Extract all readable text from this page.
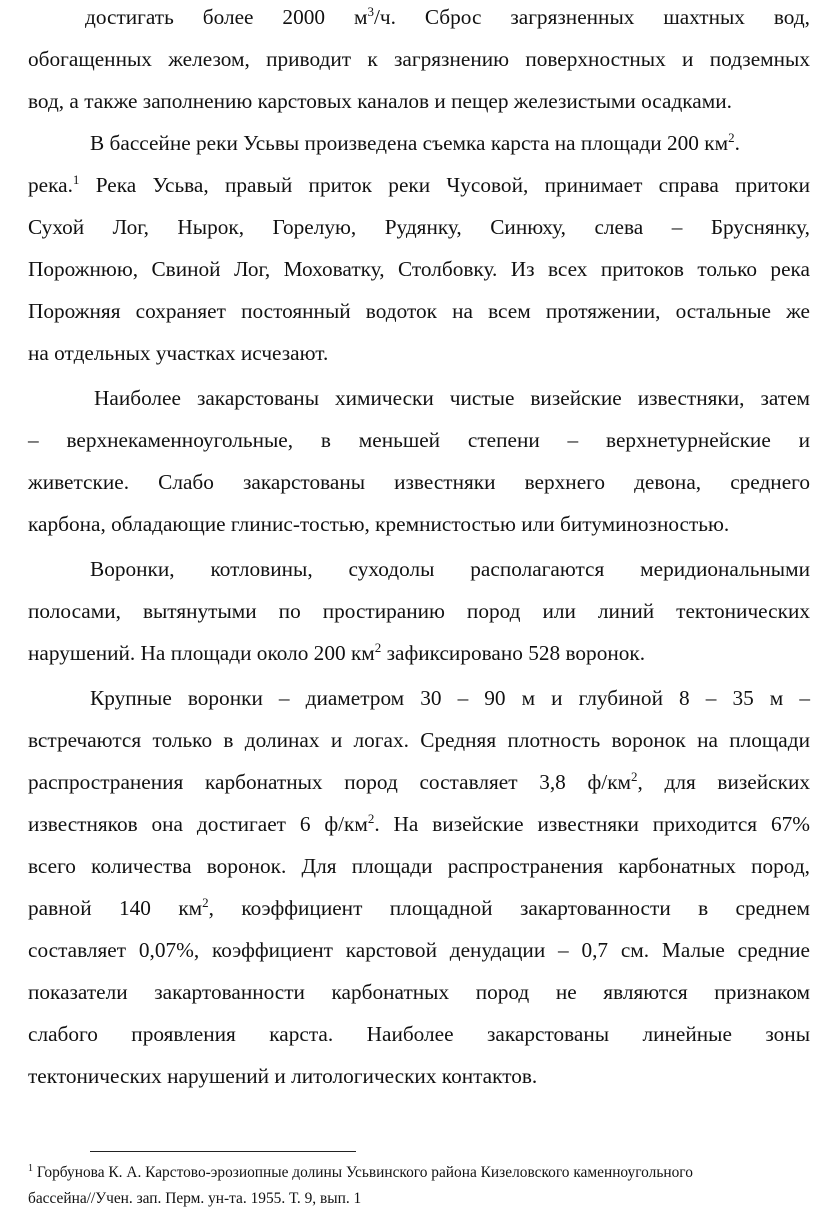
достигать более 2000 $м^3/ч$. Сброс загрязненных шахтных вод,
обогащенных железом, приводит к загрязнению поверхностных и подземных
вод, а также заполнению карстовых каналов и пещер железистыми осадками.
В бассейне реки Усьвы произведена съемка карста на площади 200 $км^2$.
река.$^1$ Река Усьва, правый приток реки Чусовой, принимает справа притоки
Сухой Лог, Нырок, Горелую, Рудянку, Синюху, слева – Бруснянку,
Порожнюю, Свиной Лог, Моховатку, Столбовку. Из всех притоков только река
Порожняя сохраняет постоянный водоток на всем протяжении, остальные же
на отдельных участках исчезают.
Наиболее закарстованы химически чистые визейские известняки, затем
– верхнекаменноугольные, в меньшей степени – верхнетурнейские и
живетские. Слабо закарстованы известняки верхнего девона, среднего
карбона, обладающие глинис-тостью, кремнистостью или битуминозностью.
Воронки, котловины, суходолы располагаются меридиональными
полосами, вытянутыми по простиранию пород или линий тектонических
нарушений. На площади около 200 $км^2$ зафиксировано 528 воронок.
Крупные воронки – диаметром 30 – 90 м и глубиной 8 – 35 м –
встречаются только в долинах и логах. Средняя плотность воронок на площади
распространения карбонатных пород составляет 3,8 $ф/км^2$, для визейских
известняков она достигает 6 $ф/км^2$. На визейские известняки приходится 67%
всего количества воронок. Для площади распространения карбонатных пород,
равной 140 $км^2$, коэффициент площадной закартованности в среднем
составляет 0,07%, коэффициент карстовой денудации – 0,7 см. Малые средние
показатели закартованности карбонатных пород не являются признаком
слабого проявления карста. Наиболее закарстованы линейные зоны
тектонических нарушений и литологических контактов.
$^1$ Горбунова К. А. Карстово-эрозиопные долины Усьвинского района Кизеловского каменноугольного
бассейна//Учен. зап. Перм. ун-та. 1955. Т. 9, вып. 1
